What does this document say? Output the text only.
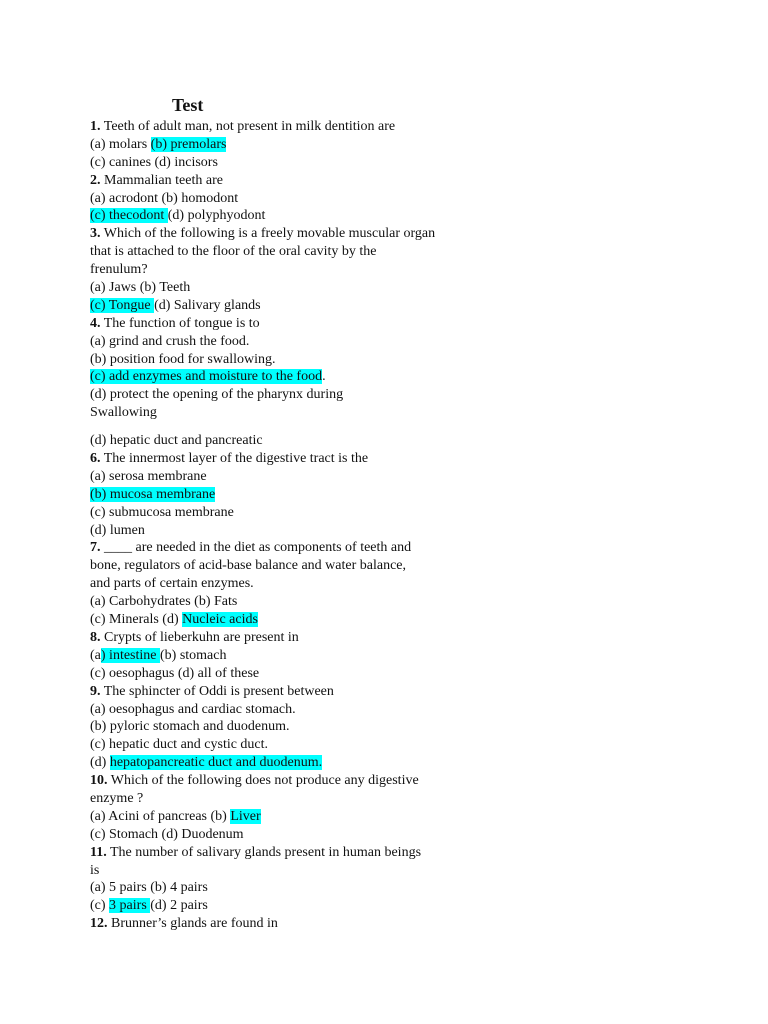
Test
1. Teeth of adult man, not present in milk dentition are
(a) molars (b) premolars
(c) canines (d) incisors
2. Mammalian teeth are
(a) acrodont (b) homodont
(c) thecodont (d) polyphyodont
3. Which of the following is a freely movable muscular organ
that is attached to the floor of the oral cavity by the
frenulum?
(a) Jaws (b) Teeth
(c) Tongue (d) Salivary glands
4. The function of tongue is to
(a) grind and crush the food.
(b) position food for swallowing.
(c) add enzymes and moisture to the food.
(d) protect the opening of the pharynx during
Swallowing
(d) hepatic duct and pancreatic
6. The innermost layer of the digestive tract is the
(a) serosa membrane
(b) mucosa membrane
(c) submucosa membrane
(d) lumen
7. ____ are needed in the diet as components of teeth and
bone, regulators of acid-base balance and water balance,
and parts of certain enzymes.
(a) Carbohydrates (b) Fats
(c) Minerals (d) Nucleic acids
8. Crypts of lieberkuhn are present in
(a) intestine (b) stomach
(c) oesophagus (d) all of these
9. The sphincter of Oddi is present between
(a) oesophagus and cardiac stomach.
(b) pyloric stomach and duodenum.
(c) hepatic duct and cystic duct.
(d) hepatopancreatic duct and duodenum.
10. Which of the following does not produce any digestive
enzyme ?
(a) Acini of pancreas (b) Liver
(c) Stomach (d) Duodenum
11. The number of salivary glands present in human beings
is
(a) 5 pairs (b) 4 pairs
(c) 3 pairs (d) 2 pairs
12. Brunner’s glands are found in
